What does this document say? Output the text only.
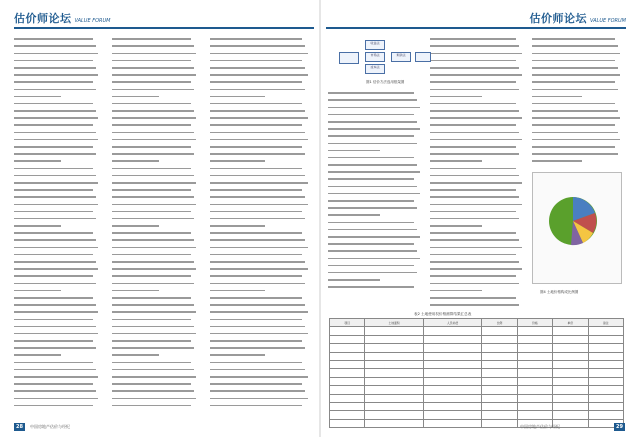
估价师论坛 VALUE FORUM	估价师论坛 VALUE FORUM
收益法
市场法
成本法
剩余法
图1 估价方法选用框架图
图4 土地价格构成比例图
表2 土地使用权价格测算结果汇总表
项目	土地面积	人员补偿	比例	价格	单价	备注

28	中国房地产估价与经纪	中国房地产估价与经纪	29
